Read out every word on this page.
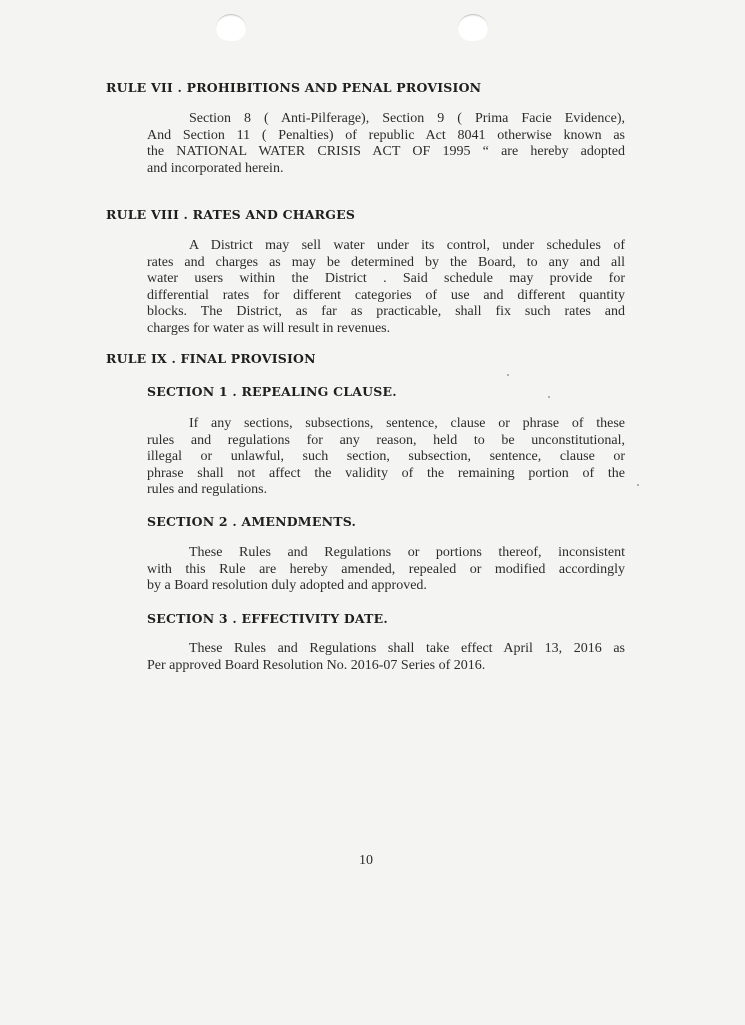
RULE VII . PROHIBITIONS AND PENAL PROVISION
Section 8 ( Anti-Pilferage), Section 9 ( Prima Facie Evidence),
And Section 11 ( Penalties) of republic Act 8041 otherwise known as
the NATIONAL WATER CRISIS ACT OF 1995 “ are hereby adopted
and incorporated herein.
RULE VIII . RATES AND CHARGES
A District may sell water under its control, under schedules of
rates and charges as may be determined by the Board, to any and all
water users within the District . Said schedule may provide for
differential rates for different categories of use and different quantity
blocks. The District, as far as practicable, shall fix such rates and
charges for water as will result in revenues.
RULE IX . FINAL PROVISION
SECTION 1 . REPEALING CLAUSE.
If any sections, subsections, sentence, clause or phrase of these
rules and regulations for any reason, held to be unconstitutional,
illegal or unlawful, such section, subsection, sentence, clause or
phrase shall not affect the validity of the remaining portion of the
rules and regulations.
SECTION 2 . AMENDMENTS.
These Rules and Regulations or portions thereof, inconsistent
with this Rule are hereby amended, repealed or modified accordingly
by a Board resolution duly adopted and approved.
SECTION 3 . EFFECTIVITY DATE.
These Rules and Regulations shall take effect April 13, 2016 as
Per approved Board Resolution No. 2016-07 Series of 2016.
10
